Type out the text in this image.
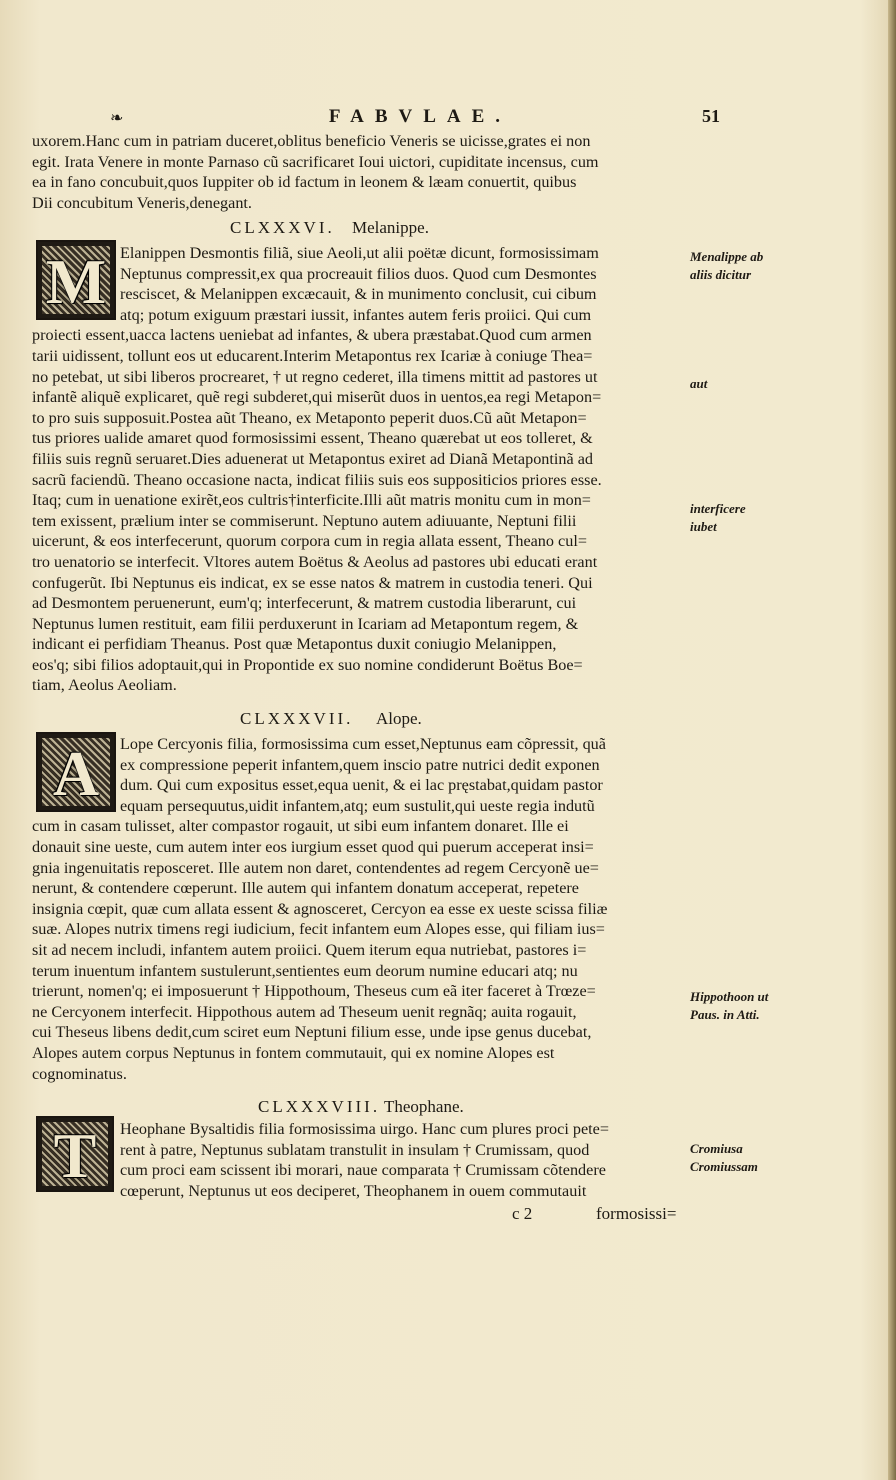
❧	FABVLAE.	51
uxorem.Hanc cum in patriam duceret,oblitus beneficio Veneris se uicisse,grates ei non
egit. Irata Venere in monte Parnaso cũ sacrificaret Ioui uictori, cupiditate incensus, cum
ea in fano concubuit,quos Iuppiter ob id factum in leonem & læam conuertit, quibus
Dii concubitum Veneris,denegant.
CLXXXVI. Melanippe.
M Elanippen Desmontis filiã, siue Aeoli,ut alii poëtæ dicunt, formosissimam
Neptunus compressit,ex qua procreauit filios duos. Quod cum Desmontes
resciscet, & Melanippen excæcauit, & in munimento conclusit, cui cibum
atq; potum exiguum præstari iussit, infantes autem feris proiici. Qui cum
proiecti essent,uacca lactens ueniebat ad infantes, & ubera præstabat.Quod cum armen
tarii uidissent, tollunt eos ut educarent.Interim Metapontus rex Icariæ à coniuge Thea=
no petebat, ut sibi liberos procrearet, † ut regno cederet, illa timens mittit ad pastores ut
infantẽ aliquẽ explicaret, quẽ regi subderet,qui miserũt duos in uentos,ea regi Metapon=
to pro suis supposuit.Postea aũt Theano, ex Metaponto peperit duos.Cũ aũt Metapon=
tus priores ualide amaret quod formosissimi essent, Theano quærebat ut eos tolleret, &
filiis suis regnũ seruaret.Dies aduenerat ut Metapontus exiret ad Dianã Metapontinã ad
sacrũ faciendũ. Theano occasione nacta, indicat filiis suis eos suppositicios priores esse.
Itaq; cum in uenatione exirẽt,eos cultris†interficite.Illi aũt matris monitu cum in mon=
tem exissent, prælium inter se commiserunt. Neptuno autem adiuuante, Neptuni filii
uicerunt, & eos interfecerunt, quorum corpora cum in regia allata essent, Theano cul=
tro uenatorio se interfecit. Vltores autem Boëtus & Aeolus ad pastores ubi educati erant
confugerũt. Ibi Neptunus eis indicat, ex se esse natos & matrem in custodia teneri. Qui
ad Desmontem peruenerunt, eum'q; interfecerunt, & matrem custodia liberarunt, cui
Neptunus lumen restituit, eam filii perduxerunt in Icariam ad Metapontum regem, &
indicant ei perfidiam Theanus. Post quæ Metapontus duxit coniugio Melanippen,
eos'q; sibi filios adoptauit,qui in Propontide ex suo nomine condiderunt Boëtus Boe=
tiam, Aeolus Aeoliam.
CLXXXVII. Alope.
A	Lope Cercyonis filia, formosissima cum esset,Neptunus eam cõpressit, quã
ex compressione peperit infantem,quem inscio patre nutrici dedit exponen
dum. Qui cum expositus esset,equa uenit, & ei lac pręstabat,quidam pastor
equam persequutus,uidit infantem,atq; eum sustulit,qui ueste regia indutũ
cum in casam tulisset, alter compastor rogauit, ut sibi eum infantem donaret. Ille ei
donauit sine ueste, cum autem inter eos iurgium esset quod qui puerum acceperat insi=
gnia ingenuitatis reposceret. Ille autem non daret, contendentes ad regem Cercyonẽ ue=
nerunt, & contendere cœperunt. Ille autem qui infantem donatum acceperat, repetere
insignia cœpit, quæ cum allata essent & agnosceret, Cercyon ea esse ex ueste scissa filiæ
suæ. Alopes nutrix timens regi iudicium, fecit infantem eum Alopes esse, qui filiam ius=
sit ad necem includi, infantem autem proiici. Quem iterum equa nutriebat, pastores i=
terum inuentum infantem sustulerunt,sentientes eum deorum numine educari atq; nu
trierunt, nomen'q; ei imposuerunt † Hippothoum, Theseus cum eã iter faceret à Trœze=
ne Cercyonem interfecit. Hippothous autem ad Theseum uenit regnãq; auita rogauit,
cui Theseus libens dedit,cum sciret eum Neptuni filium esse, unde ipse genus ducebat,
Alopes autem corpus Neptunus in fontem commutauit, qui ex nomine Alopes est
cognominatus.
CLXXXVIII. Theophane.
T	Heophane Bysaltidis filia formosissima uirgo. Hanc cum plures proci pete=
rent à patre, Neptunus sublatam transtulit in insulam † Crumissam, quod
cum proci eam scissent ibi morari, naue comparata † Crumissam cõtendere
cœperunt, Neptunus ut eos deciperet, Theophanem in ouem commutauit
Menalippe ab
aliis dicitur
aut
interficere
iubet
Hippothoon ut
Paus. in Atti.
Cromiusa
Cromiussam
c 2	formosissi=
